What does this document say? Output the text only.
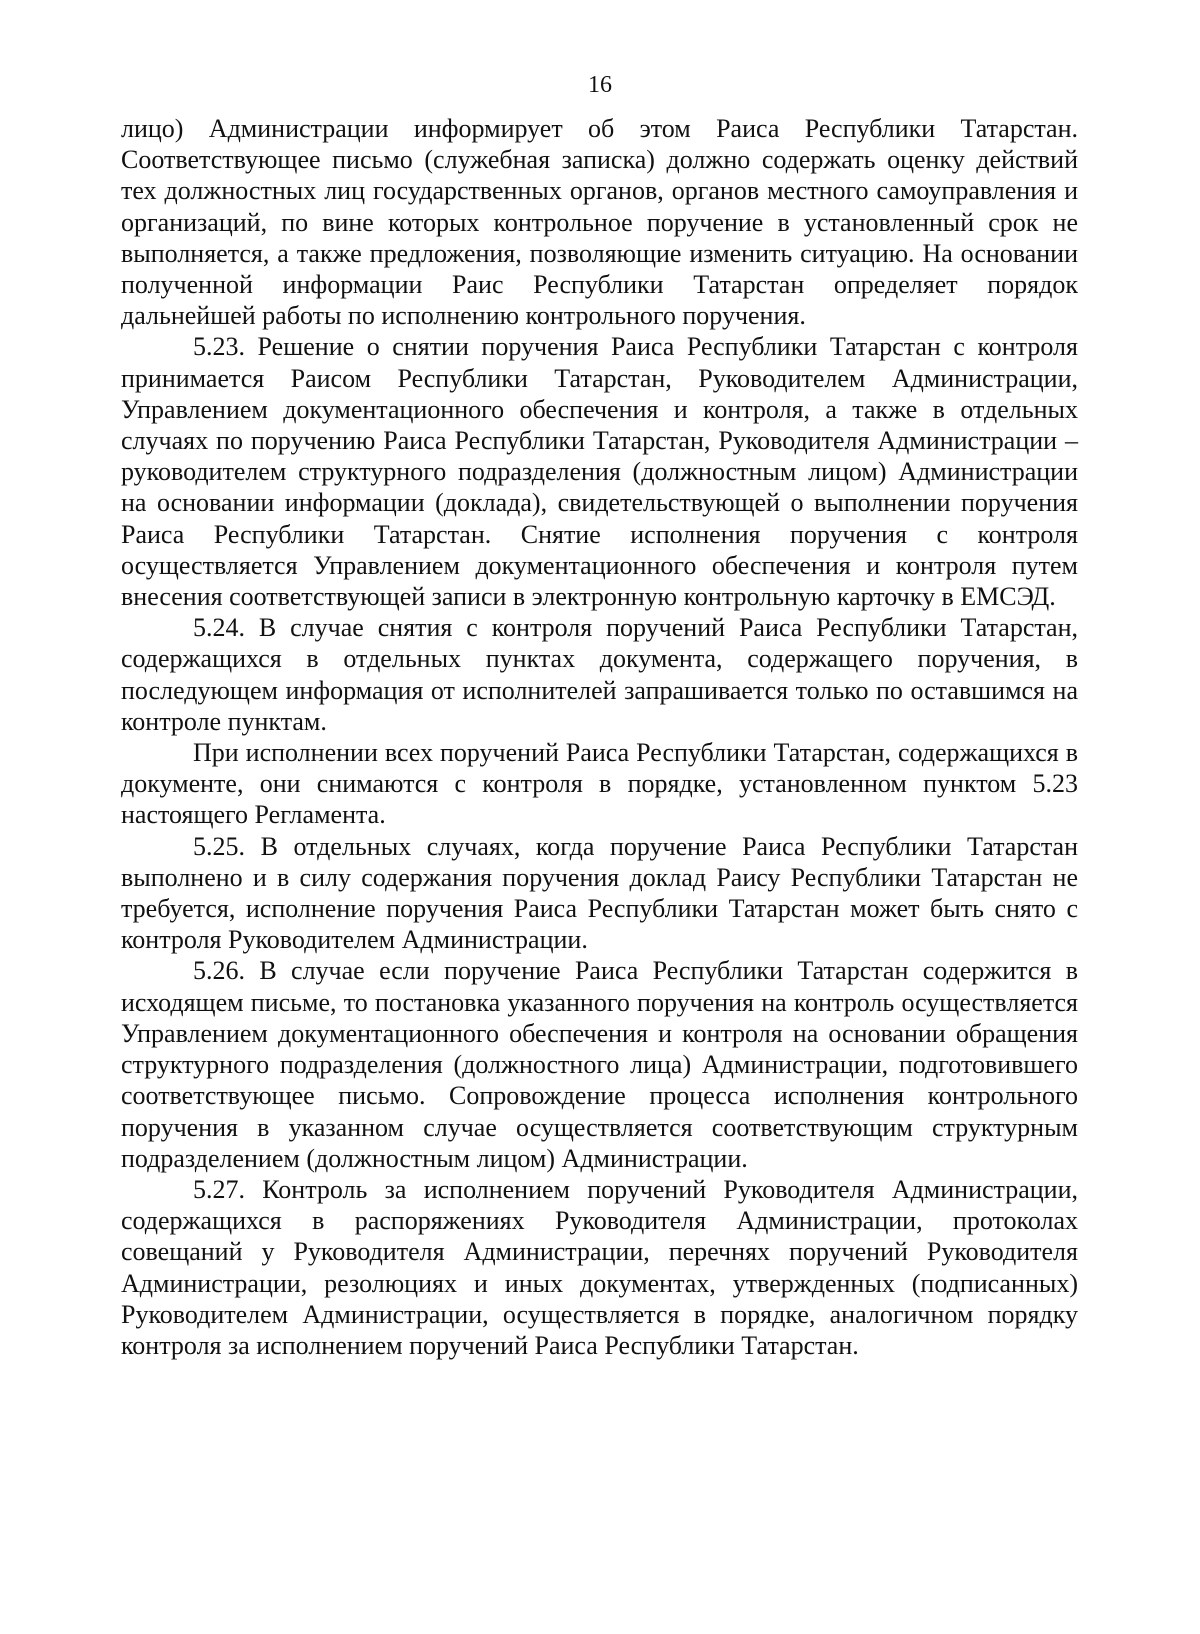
16

лицо) Администрации информирует об этом Раиса Республики Татарстан. Соответствующее письмо (служебная записка) должно содержать оценку действий тех должностных лиц государственных органов, органов местного самоуправления и организаций, по вине которых контрольное поручение в установленный срок не выполняется, а также предложения, позволяющие изменить ситуацию. На основании полученной информации Раис Республики Татарстан определяет порядок дальнейшей работы по исполнению контрольного поручения.

5.23. Решение о снятии поручения Раиса Республики Татарстан с контроля принимается Раисом Республики Татарстан, Руководителем Администрации, Управлением документационного обеспечения и контроля, а также в отдельных случаях по поручению Раиса Республики Татарстан, Руководителя Администрации – руководителем структурного подразделения (должностным лицом) Администрации на основании информации (доклада), свидетельствующей о выполнении поручения Раиса Республики Татарстан. Снятие исполнения поручения с контроля осуществляется Управлением документационного обеспечения и контроля путем внесения соответствующей записи в электронную контрольную карточку в ЕМСЭД.

5.24. В случае снятия с контроля поручений Раиса Республики Татарстан, содержащихся в отдельных пунктах документа, содержащего поручения, в последующем информация от исполнителей запрашивается только по оставшимся на контроле пунктам.

При исполнении всех поручений Раиса Республики Татарстан, содержащихся в документе, они снимаются с контроля в порядке, установленном пунктом 5.23 настоящего Регламента.

5.25. В отдельных случаях, когда поручение Раиса Республики Татарстан выполнено и в силу содержания поручения доклад Раису Республики Татарстан не требуется, исполнение поручения Раиса Республики Татарстан может быть снято с контроля Руководителем Администрации.

5.26. В случае если поручение Раиса Республики Татарстан содержится в исходящем письме, то постановка указанного поручения на контроль осуществляется Управлением документационного обеспечения и контроля на основании обращения структурного подразделения (должностного лица) Администрации, подготовившего соответствующее письмо. Сопровождение процесса исполнения контрольного поручения в указанном случае осуществляется соответствующим структурным подразделением (должностным лицом) Администрации.

5.27. Контроль за исполнением поручений Руководителя Администрации, содержащихся в распоряжениях Руководителя Администрации, протоколах совещаний у Руководителя Администрации, перечнях поручений Руководителя Администрации, резолюциях и иных документах, утвержденных (подписанных) Руководителем Администрации, осуществляется в порядке, аналогичном порядку контроля за исполнением поручений Раиса Республики Татарстан.
